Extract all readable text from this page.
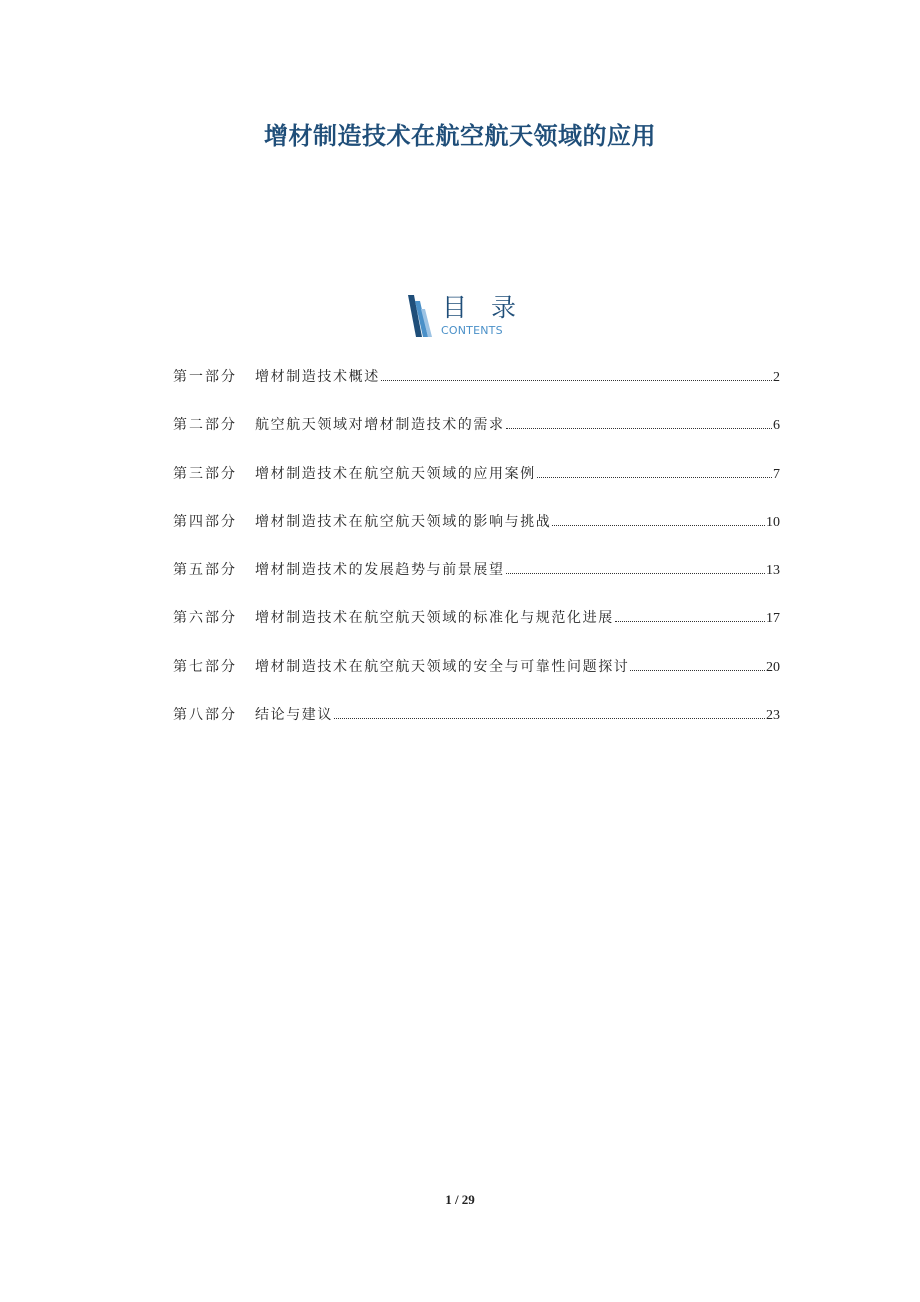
增材制造技术在航空航天领域的应用
目 录
CONTENTS
第一部分	增材制造技术概述	2
第二部分	航空航天领域对增材制造技术的需求	6
第三部分	增材制造技术在航空航天领域的应用案例	7
第四部分	增材制造技术在航空航天领域的影响与挑战	10
第五部分	增材制造技术的发展趋势与前景展望	13
第六部分	增材制造技术在航空航天领域的标准化与规范化进展	17
第七部分	增材制造技术在航空航天领域的安全与可靠性问题探讨	20
第八部分	结论与建议	23
1 / 29
